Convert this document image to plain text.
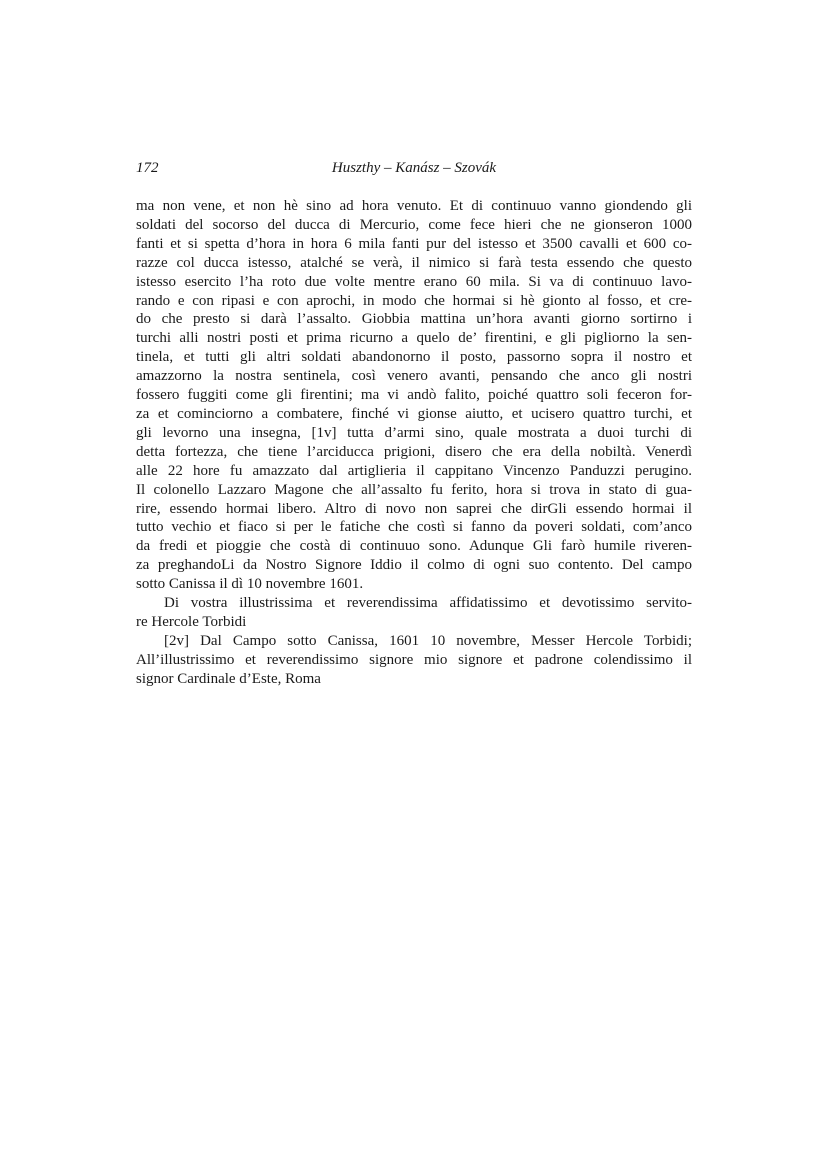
172	Huszthy – Kanász – Szovák
ma non vene, et non hè sino ad hora venuto. Et di continuuo vanno giondendo gli
soldati del socorso del ducca di Mercurio, come fece hieri che ne gionseron 1000
fanti et si spetta d’hora in hora 6 mila fanti pur del istesso et 3500 cavalli et 600 co-
razze col ducca istesso, atalché se verà, il nimico si farà testa essendo che questo
istesso esercito l’ha roto due volte mentre erano 60 mila. Si va di continuuo lavo-
rando e con ripasi e con aprochi, in modo che hormai si hè gionto al fosso, et cre-
do che presto si darà l’assalto. Giobbia mattina un’hora avanti giorno sortirno i
turchi alli nostri posti et prima ricurno a quelo de’ firentini, e gli pigliorno la sen-
tinela, et tutti gli altri soldati abandonorno il posto, passorno sopra il nostro et
amazzorno la nostra sentinela, così venero avanti, pensando che anco gli nostri
fossero fuggiti come gli firentini; ma vi andò falito, poiché quattro soli feceron for-
za et cominciorno a combatere, finché vi gionse aiutto, et ucisero quattro turchi, et
gli levorno una insegna, [1v] tutta d’armi sino, quale mostrata a duoi turchi di
detta fortezza, che tiene l’arciducca prigioni, disero che era della nobiltà. Venerdì
alle 22 hore fu amazzato dal artiglieria il cappitano Vincenzo Panduzzi perugino.
Il colonello Lazzaro Magone che all’assalto fu ferito, hora si trova in stato di gua-
rire, essendo hormai libero. Altro di novo non saprei che dirGli essendo hormai il
tutto vechio et fiaco si per le fatiche che costì si fanno da poveri soldati, com’anco
da fredi et pioggie che costà di continuuo sono. Adunque Gli farò humile riveren-
za preghandoLi da Nostro Signore Iddio il colmo di ogni suo contento. Del campo
sotto Canissa il dì 10 novembre 1601.
Di vostra illustrissima et reverendissima affidatissimo et devotissimo servito-
re Hercole Torbidi
[2v] Dal Campo sotto Canissa, 1601 10 novembre, Messer Hercole Torbidi;
All’illustrissimo et reverendissimo signore mio signore et padrone colendissimo il
signor Cardinale d’Este, Roma
